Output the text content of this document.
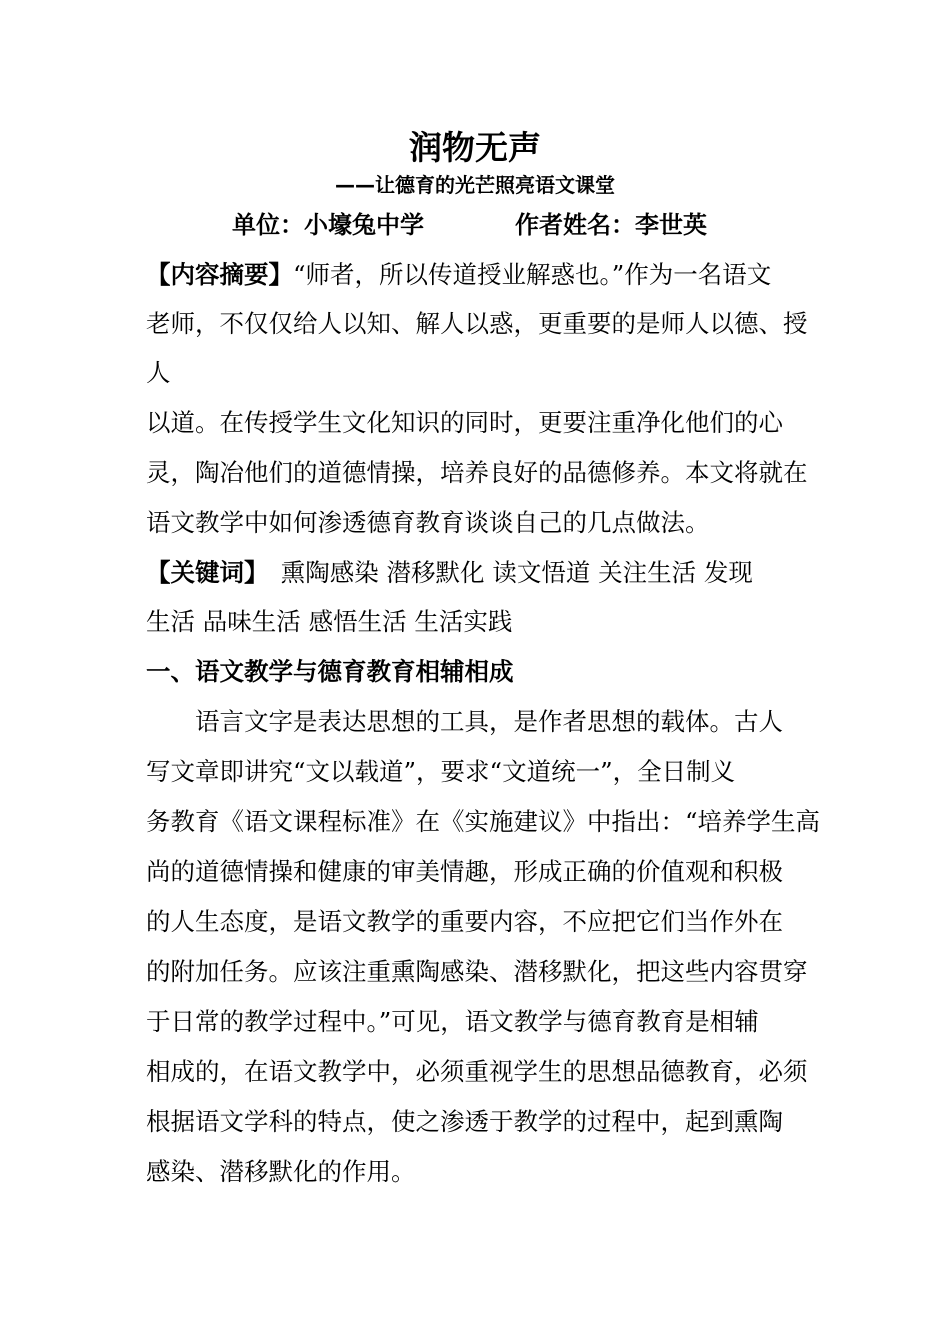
润物无声
——让德育的光芒照亮语文课堂
单位：小壕兔中学	作者姓名：李世英
【内容摘要】“师者，所以传道授业解惑也。”作为一名语文
老师，不仅仅给人以知、解人以惑，更重要的是师人以德、授
人
以道。在传授学生文化知识的同时，更要注重净化他们的心
灵，陶冶他们的道德情操，培养良好的品德修养。本文将就在
语文教学中如何渗透德育教育谈谈自己的几点做法。
【关键词】　熏陶感染 潜移默化 读文悟道 关注生活 发现
生活 品味生活 感悟生活 生活实践
一、语文教学与德育教育相辅相成
　　语言文字是表达思想的工具，是作者思想的载体。古人
写文章即讲究“文以载道”，要求“文道统一”，全日制义
务教育《语文课程标准》在《实施建议》中指出：“培养学生高
尚的道德情操和健康的审美情趣，形成正确的价值观和积极
的人生态度，是语文教学的重要内容，不应把它们当作外在
的附加任务。应该注重熏陶感染、潜移默化，把这些内容贯穿
于日常的教学过程中。”可见，语文教学与德育教育是相辅
相成的，在语文教学中，必须重视学生的思想品德教育，必须
根据语文学科的特点，使之渗透于教学的过程中，起到熏陶
感染、潜移默化的作用。
